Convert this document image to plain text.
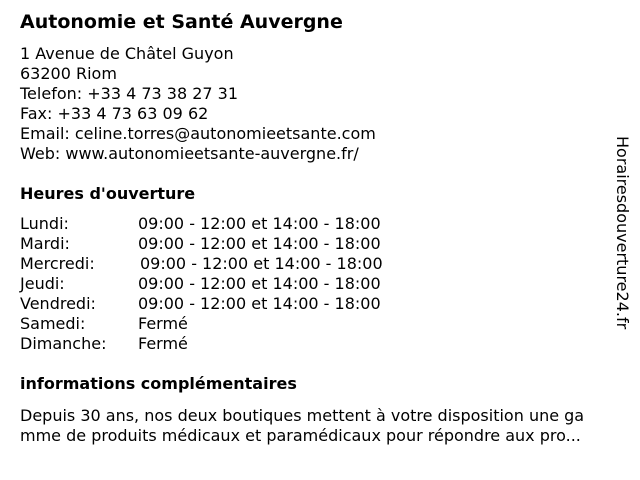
Autonomie et Santé Auvergne
1 Avenue de Châtel Guyon
63200 Riom
Telefon: +33 4 73 38 27 31
Fax: +33 4 73 63 09 62
Email: celine.torres@autonomieetsante.com
Web: www.autonomieetsante-auvergne.fr/
Heures d'ouverture
Lundi:	09:00 - 12:00 et 14:00 - 18:00
Mardi:	09:00 - 12:00 et 14:00 - 18:00
Mercredi:	09:00 - 12:00 et 14:00 - 18:00
Jeudi:	09:00 - 12:00 et 14:00 - 18:00
Vendredi:	09:00 - 12:00 et 14:00 - 18:00
Samedi:	Fermé
Dimanche: Fermé
informations complémentaires
Depuis 30 ans, nos deux boutiques mettent à votre disposition une ga
mme de produits médicaux et paramédicaux pour répondre aux pro...
Horairesdouverture24.fr
